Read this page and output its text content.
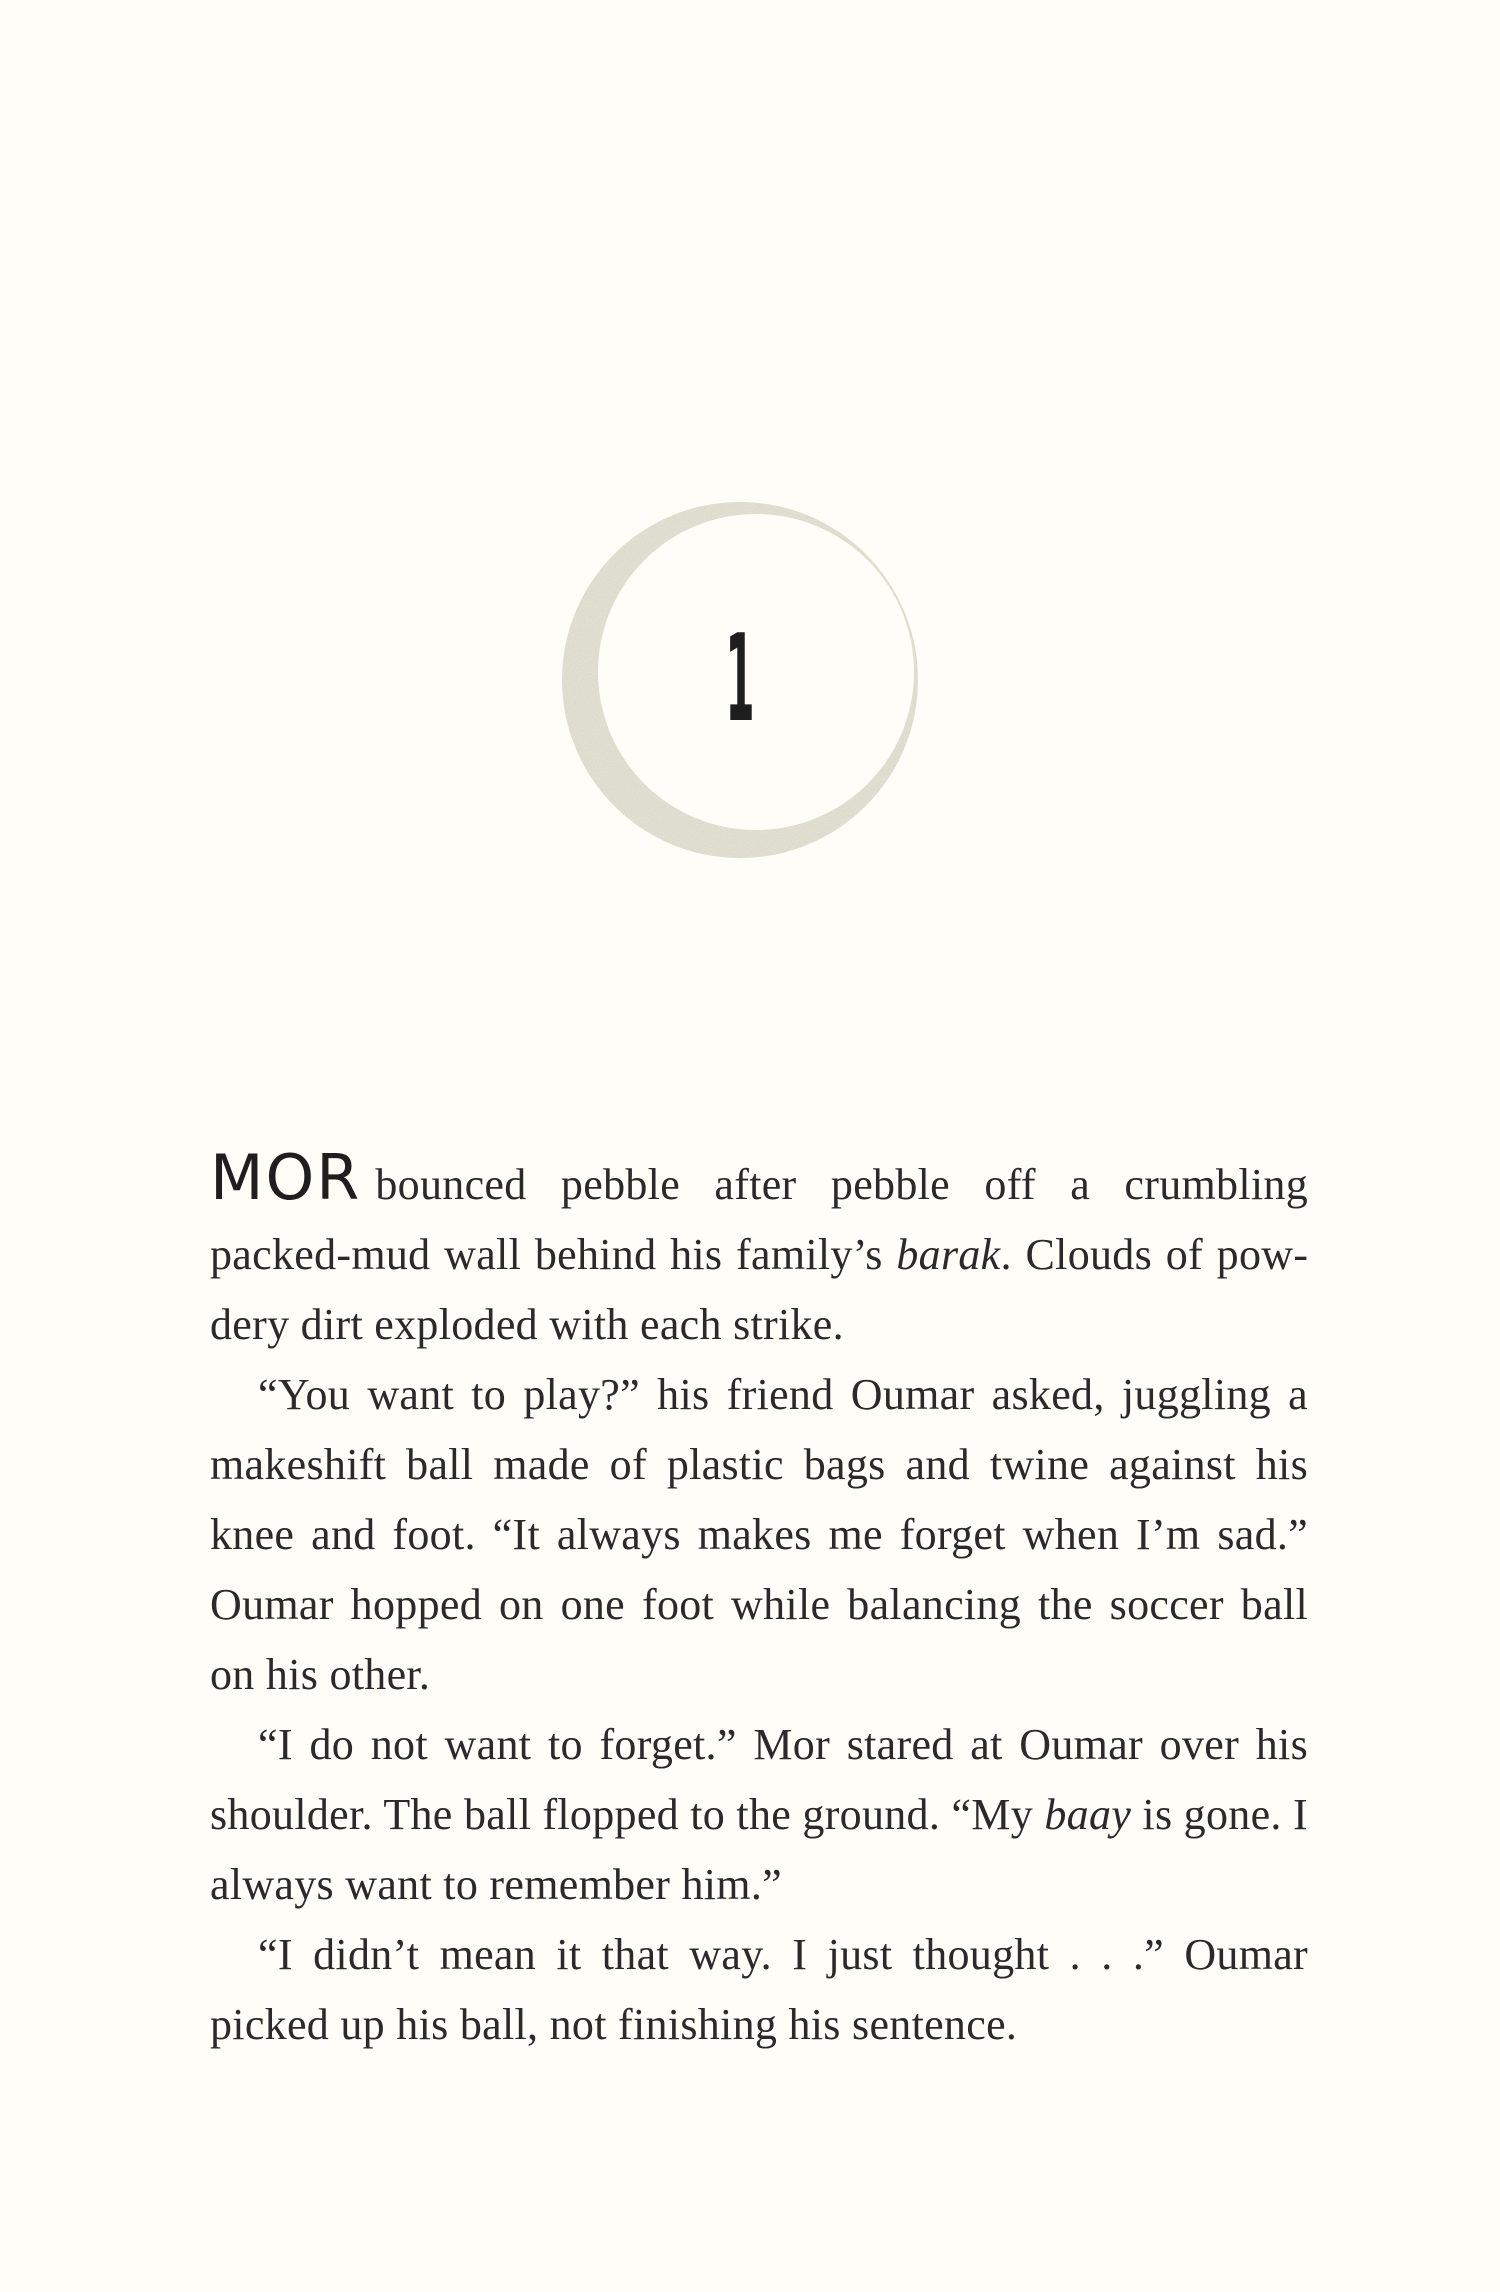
1

MOR bounced pebble after pebble off a crumbling packed-mud wall behind his family’s barak. Clouds of powdery dirt exploded with each strike.

“You want to play?” his friend Oumar asked, juggling a makeshift ball made of plastic bags and twine against his knee and foot. “It always makes me forget when I’m sad.” Oumar hopped on one foot while balancing the soccer ball on his other.

“I do not want to forget.” Mor stared at Oumar over his shoulder. The ball flopped to the ground. “My baay is gone. I always want to remember him.”

“I didn’t mean it that way. I just thought . . .” Oumar picked up his ball, not finishing his sentence.
